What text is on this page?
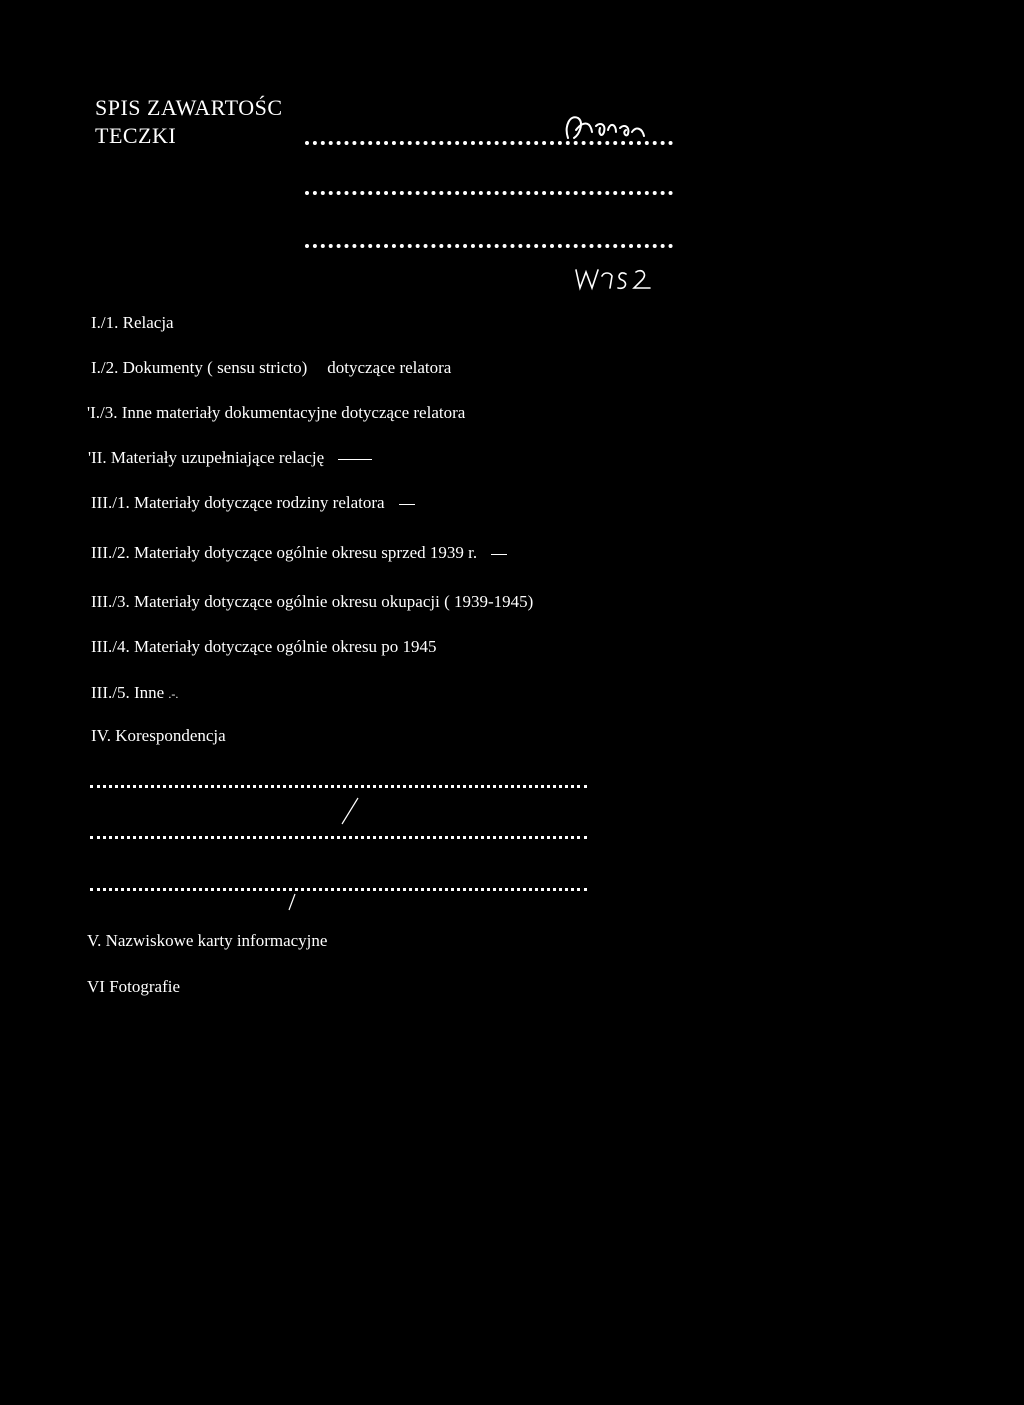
SPIS ZAWARTOŚC
TECZKI
I./1. Relacja
I./2. Dokumenty ( sensu stricto) dotyczące relatora
'I./3. Inne materiały dokumentacyjne dotyczące relatora
'II. Materiały uzupełniające relację
III./1. Materiały dotyczące rodziny relatora
III./2. Materiały dotyczące ogólnie okresu sprzed 1939 r.
III./3. Materiały dotyczące ogólnie okresu okupacji ( 1939-1945)
III./4. Materiały dotyczące ogólnie okresu po 1945
III./5. Inne .-.
IV. Korespondencja
V. Nazwiskowe karty informacyjne
VI Fotografie
